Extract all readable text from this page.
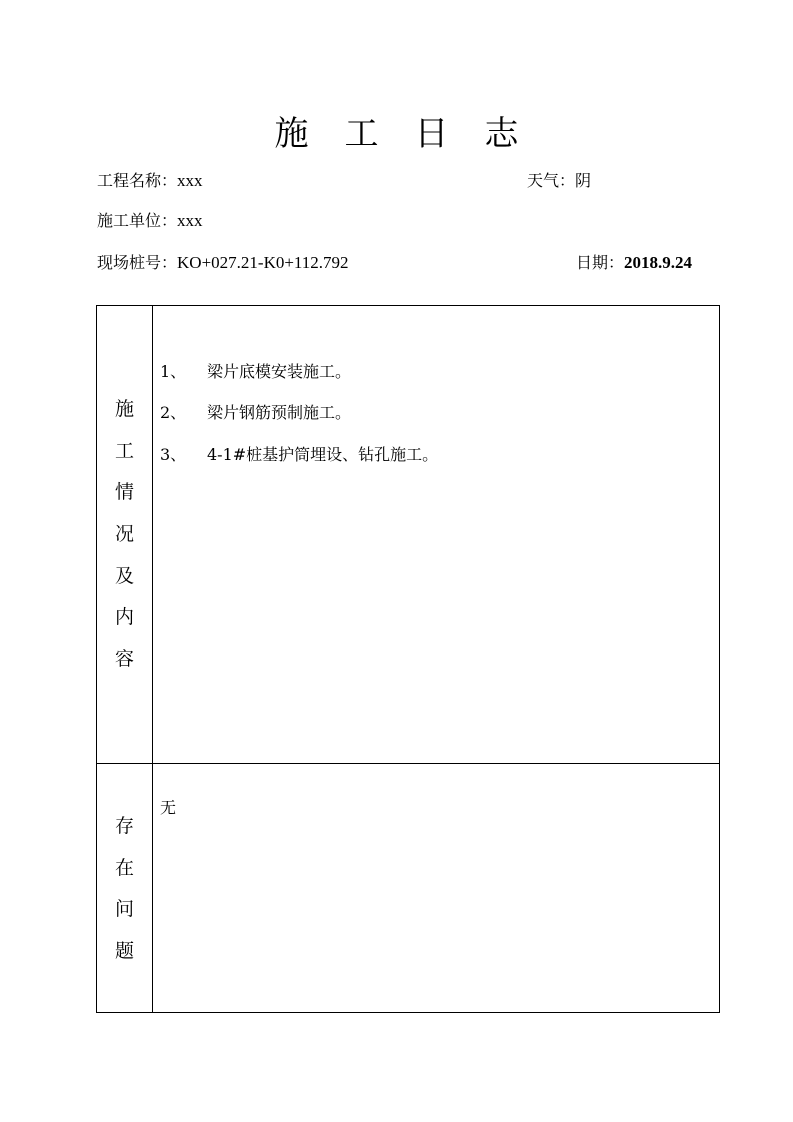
施工日志
工程名称：xxx	天气：阴
施工单位：xxx
现场桩号：KO+027.21-K0+112.792	日期：2018.9.24
施
工
情
况
及
内
容
1、 梁片底模安装施工。
2、 梁片钢筋预制施工。
3、 4-1#桩基护筒埋设、钻孔施工。
存
在
问
题
无
